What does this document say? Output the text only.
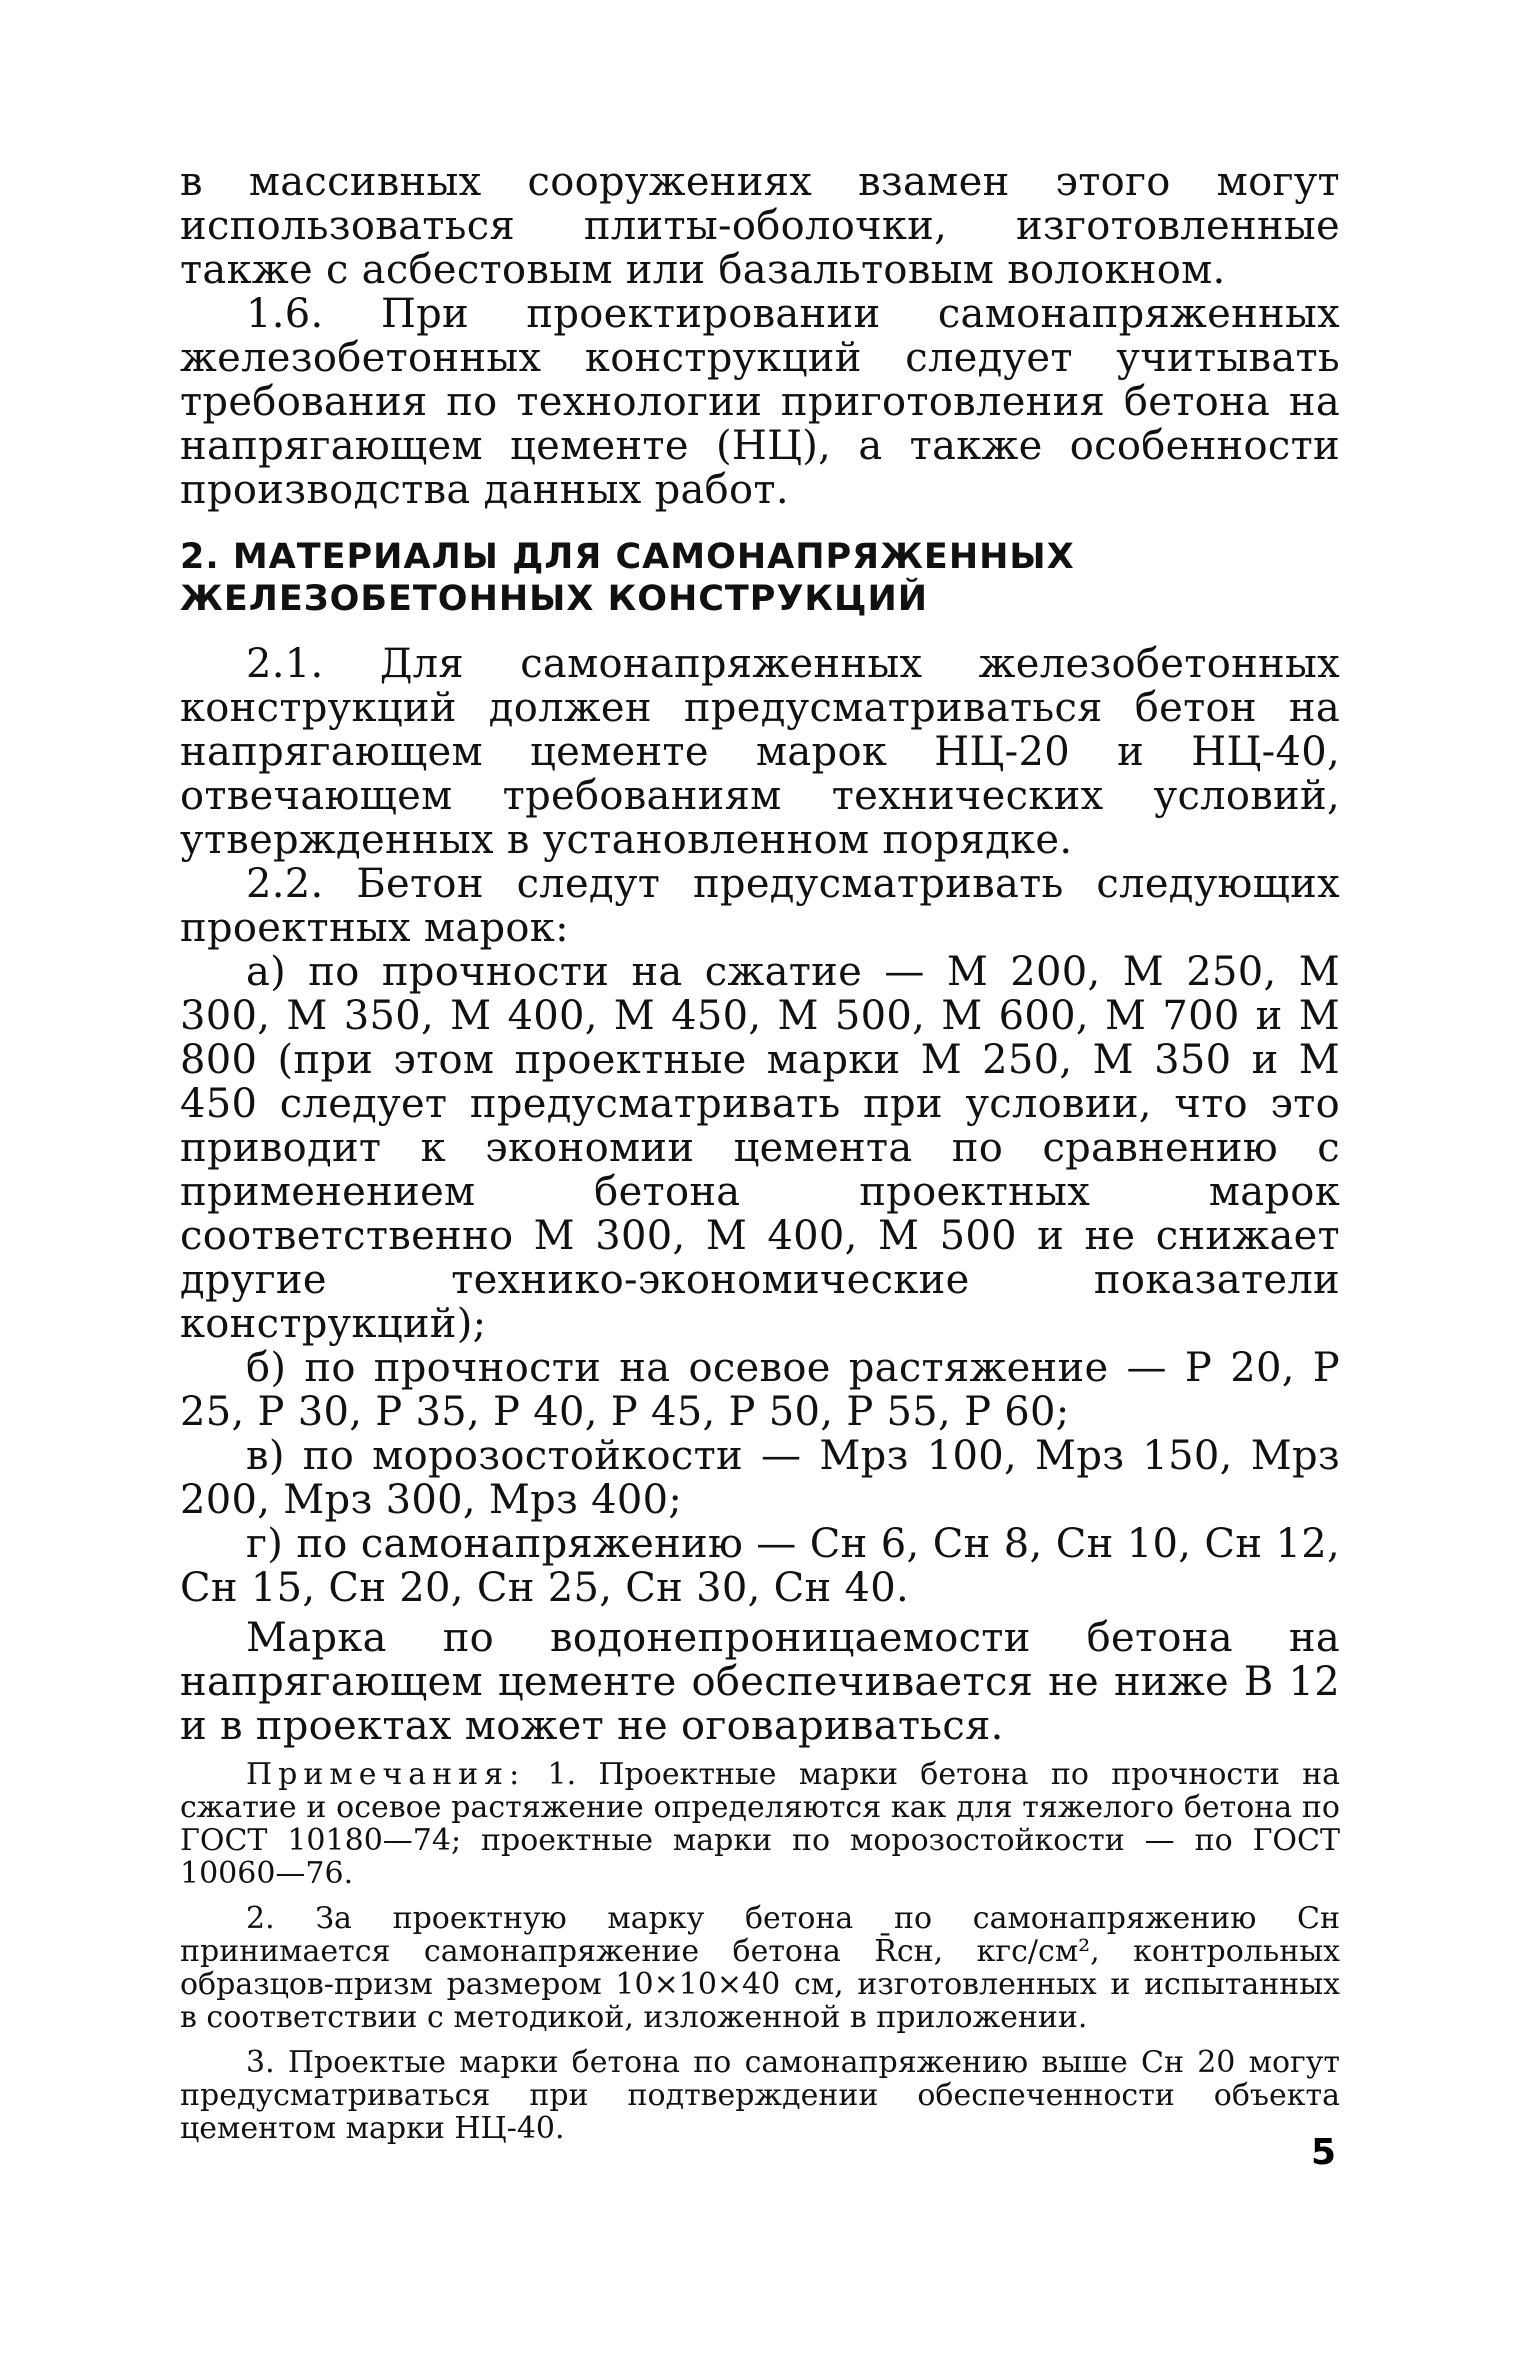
в массивных сооружениях взамен этого могут использоваться плиты-оболочки, изготовленные также с асбестовым или базальтовым волокном.

1.6. При проектировании самонапряженных железобетонных конструкций следует учитывать требования по технологии приготовления бетона на напрягающем цементе (НЦ), а также особенности производства данных работ.

2. МАТЕРИАЛЫ ДЛЯ САМОНАПРЯЖЕННЫХ
ЖЕЛЕЗОБЕТОННЫХ КОНСТРУКЦИЙ

2.1. Для самонапряженных железобетонных конструкций должен предусматриваться бетон на напрягающем цементе марок НЦ-20 и НЦ-40, отвечающем требованиям технических условий, утвержденных в установленном порядке.

2.2. Бетон следут предусматривать следующих проектных марок:

а) по прочности на сжатие — М 200, М 250, М 300, М 350, М 400, М 450, М 500, М 600, М 700 и М 800 (при этом проектные марки М 250, М 350 и М 450 следует предусматривать при условии, что это приводит к экономии цемента по сравнению с применением бетона проектных марок соответственно М 300, М 400, М 500 и не снижает другие технико-экономические показатели конструкций);

б) по прочности на осевое растяжение — Р 20, Р 25, Р 30, Р 35, Р 40, Р 45, Р 50, Р 55, Р 60;

в) по морозостойкости — Мрз 100, Мрз 150, Мрз 200, Мрз 300, Мрз 400;

г) по самонапряжению — Сн 6, Сн 8, Сн 10, Сн 12, Сн 15, Сн 20, Сн 25, Сн 30, Сн 40.

Марка по водонепроницаемости бетона на напрягающем цементе обеспечивается не ниже В 12 и в проектах может не оговариваться.

Примечания: 1. Проектные марки бетона по прочности на сжатие и осевое растяжение определяются как для тяжелого бетона по ГОСТ 10180—74; проектные марки по морозостойкости — по ГОСТ 10060—76.

2. За проектную марку бетона по самонапряжению Сн принимается самонапряжение бетона R̄сн, кгс/см², контрольных образцов-призм размером 10×10×40 см, изготовленных и испытанных в соответствии с методикой, изложенной в приложении.

3. Проектые марки бетона по самонапряжению выше Сн 20 могут предусматриваться при подтверждении обеспеченности объекта цементом марки НЦ-40.

5
